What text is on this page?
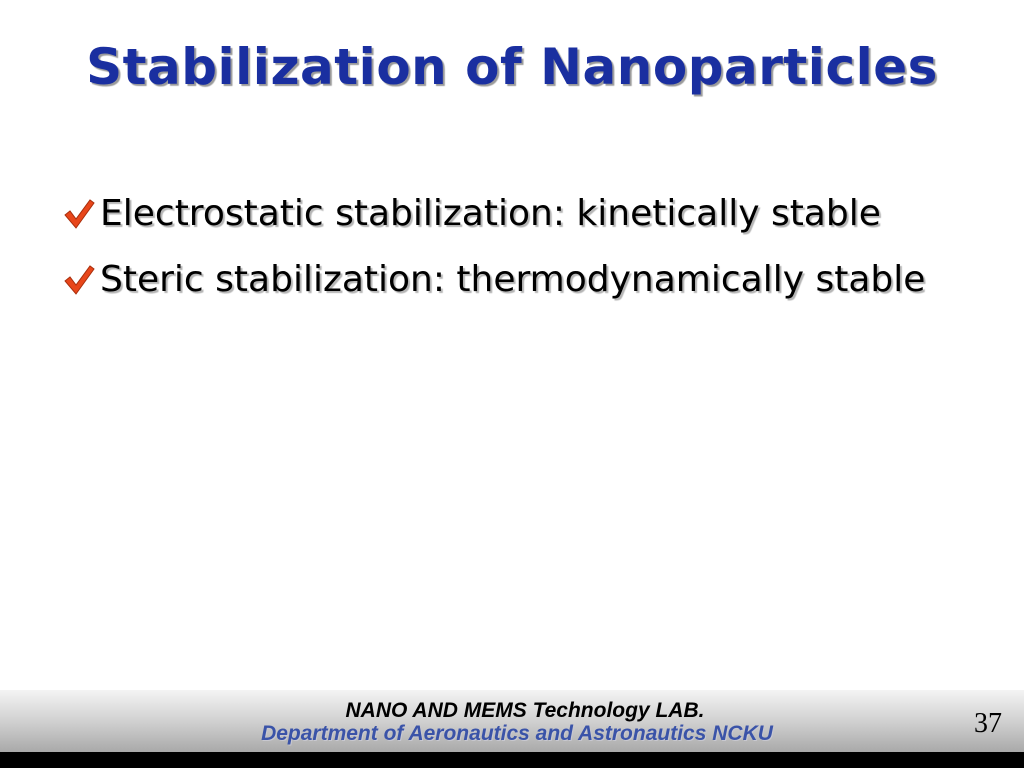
Stabilization of Nanoparticles
Electrostatic stabilization: kinetically stable
Steric stabilization: thermodynamically stable
NANO AND MEMS Technology LAB.
Department of Aeronautics and Astronautics NCKU	37
